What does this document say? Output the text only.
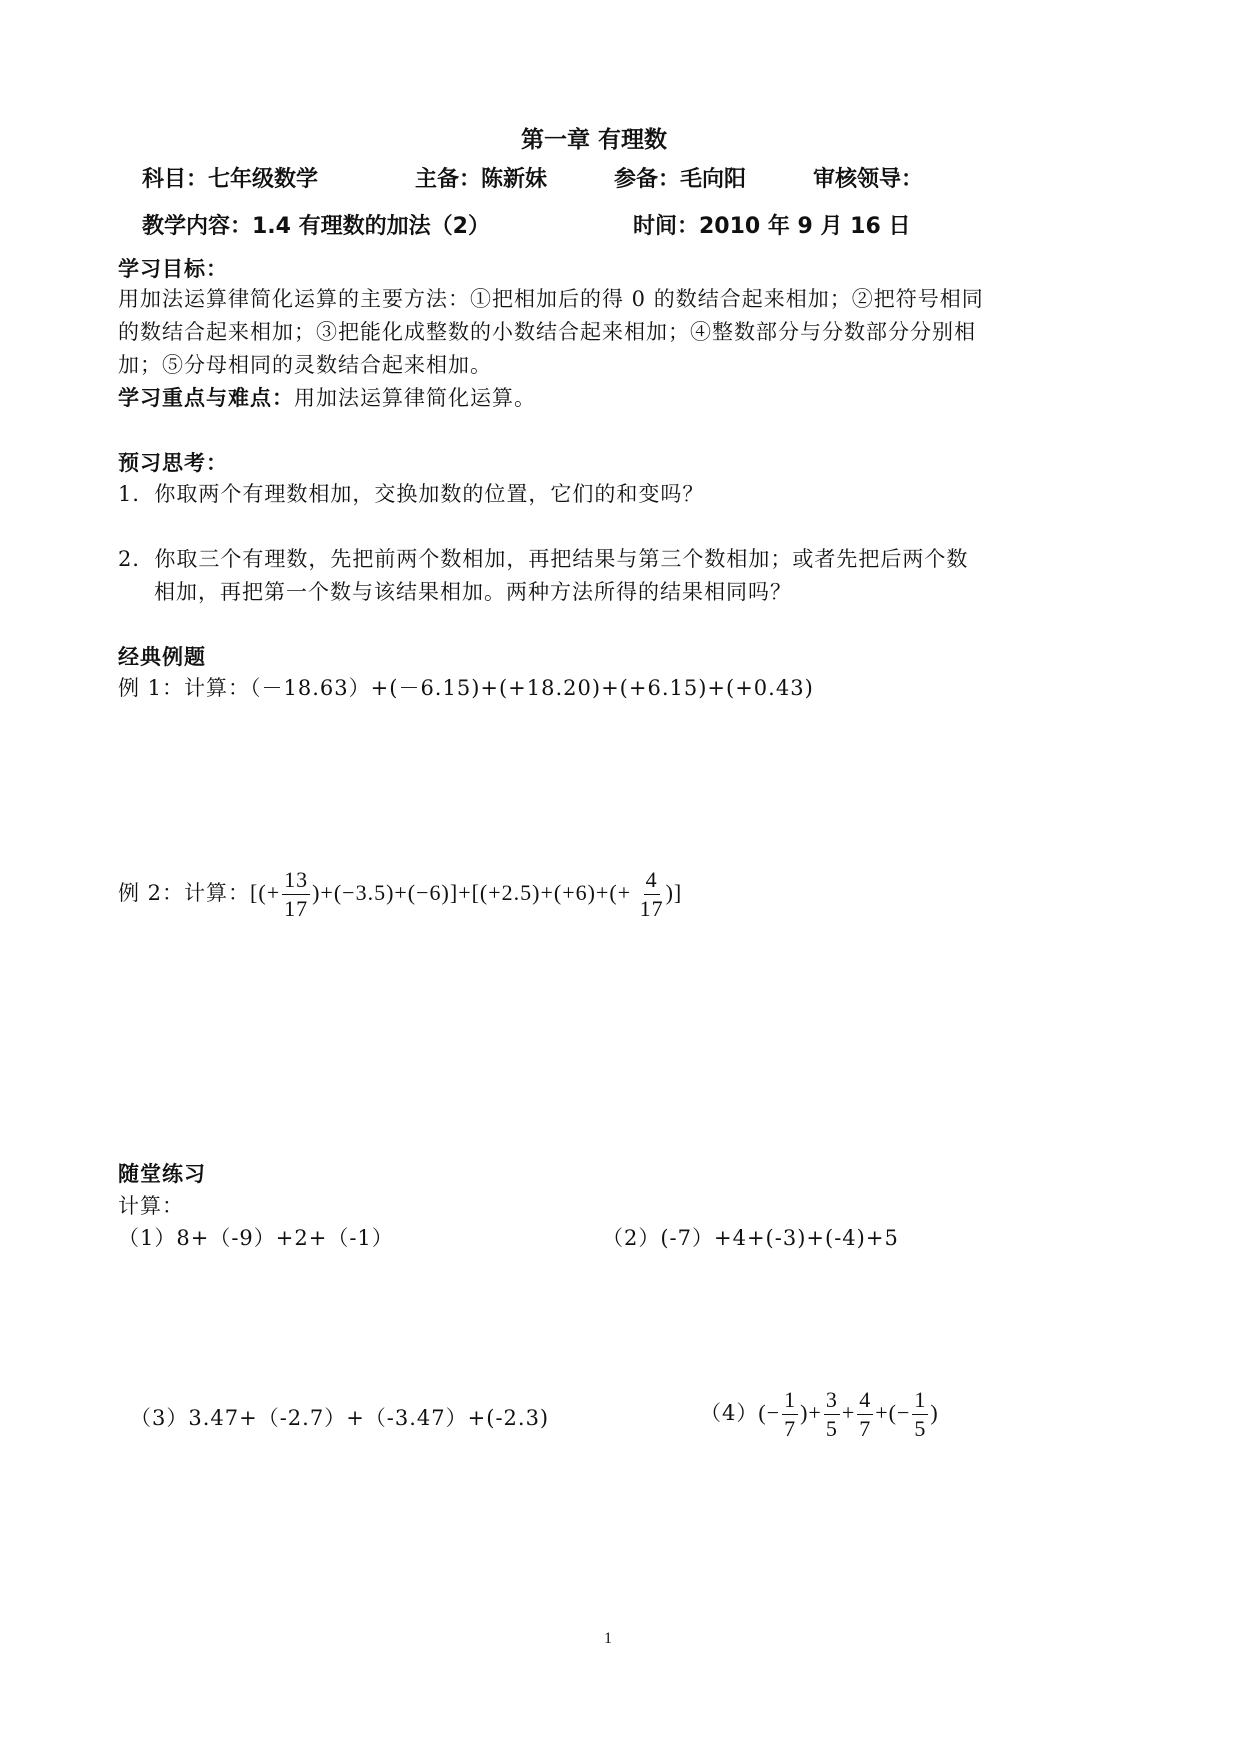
第一章 有理数
科目：七年级数学	主备：陈新妹	参备：毛向阳	审核领导：
教学内容：1.4 有理数的加法（2）	时间：2010 年 9 月 16 日
学习目标：
用加法运算律简化运算的主要方法：①把相加后的得 0 的数结合起来相加；②把符号相同
的数结合起来相加；③把能化成整数的小数结合起来相加；④整数部分与分数部分分别相
加；⑤分母相同的灵数结合起来相加。
学习重点与难点：用加法运算律简化运算。
预习思考：
1．你取两个有理数相加，交换加数的位置，它们的和变吗？
2．你取三个有理数，先把前两个数相加，再把结果与第三个数相加；或者先把后两个数
相加，再把第一个数与该结果相加。两种方法所得的结果相同吗？
经典例题
例 1：计算：（－18.63）+(－6.15)+(+18.20)+(+6.15)+(+0.43)
例 2：计算：[(+ $\frac{13}{17} )+(-3.5)+(-6)]+[(+2.5)+(+6)+(+ \frac{4}{17}$ )]
随堂练习
计算：
（1）8+（-9）+2+（-1）	（2）(-7）+4+(-3)+(-4)+5
（3）3.47+（-2.7）+（-3.47）+(-2.3)	$(4)(- \frac{1}{7}$ )+ $\frac{3}{5} + \frac{4}{7}$ +(− $\frac{1}{5}$ )
1
